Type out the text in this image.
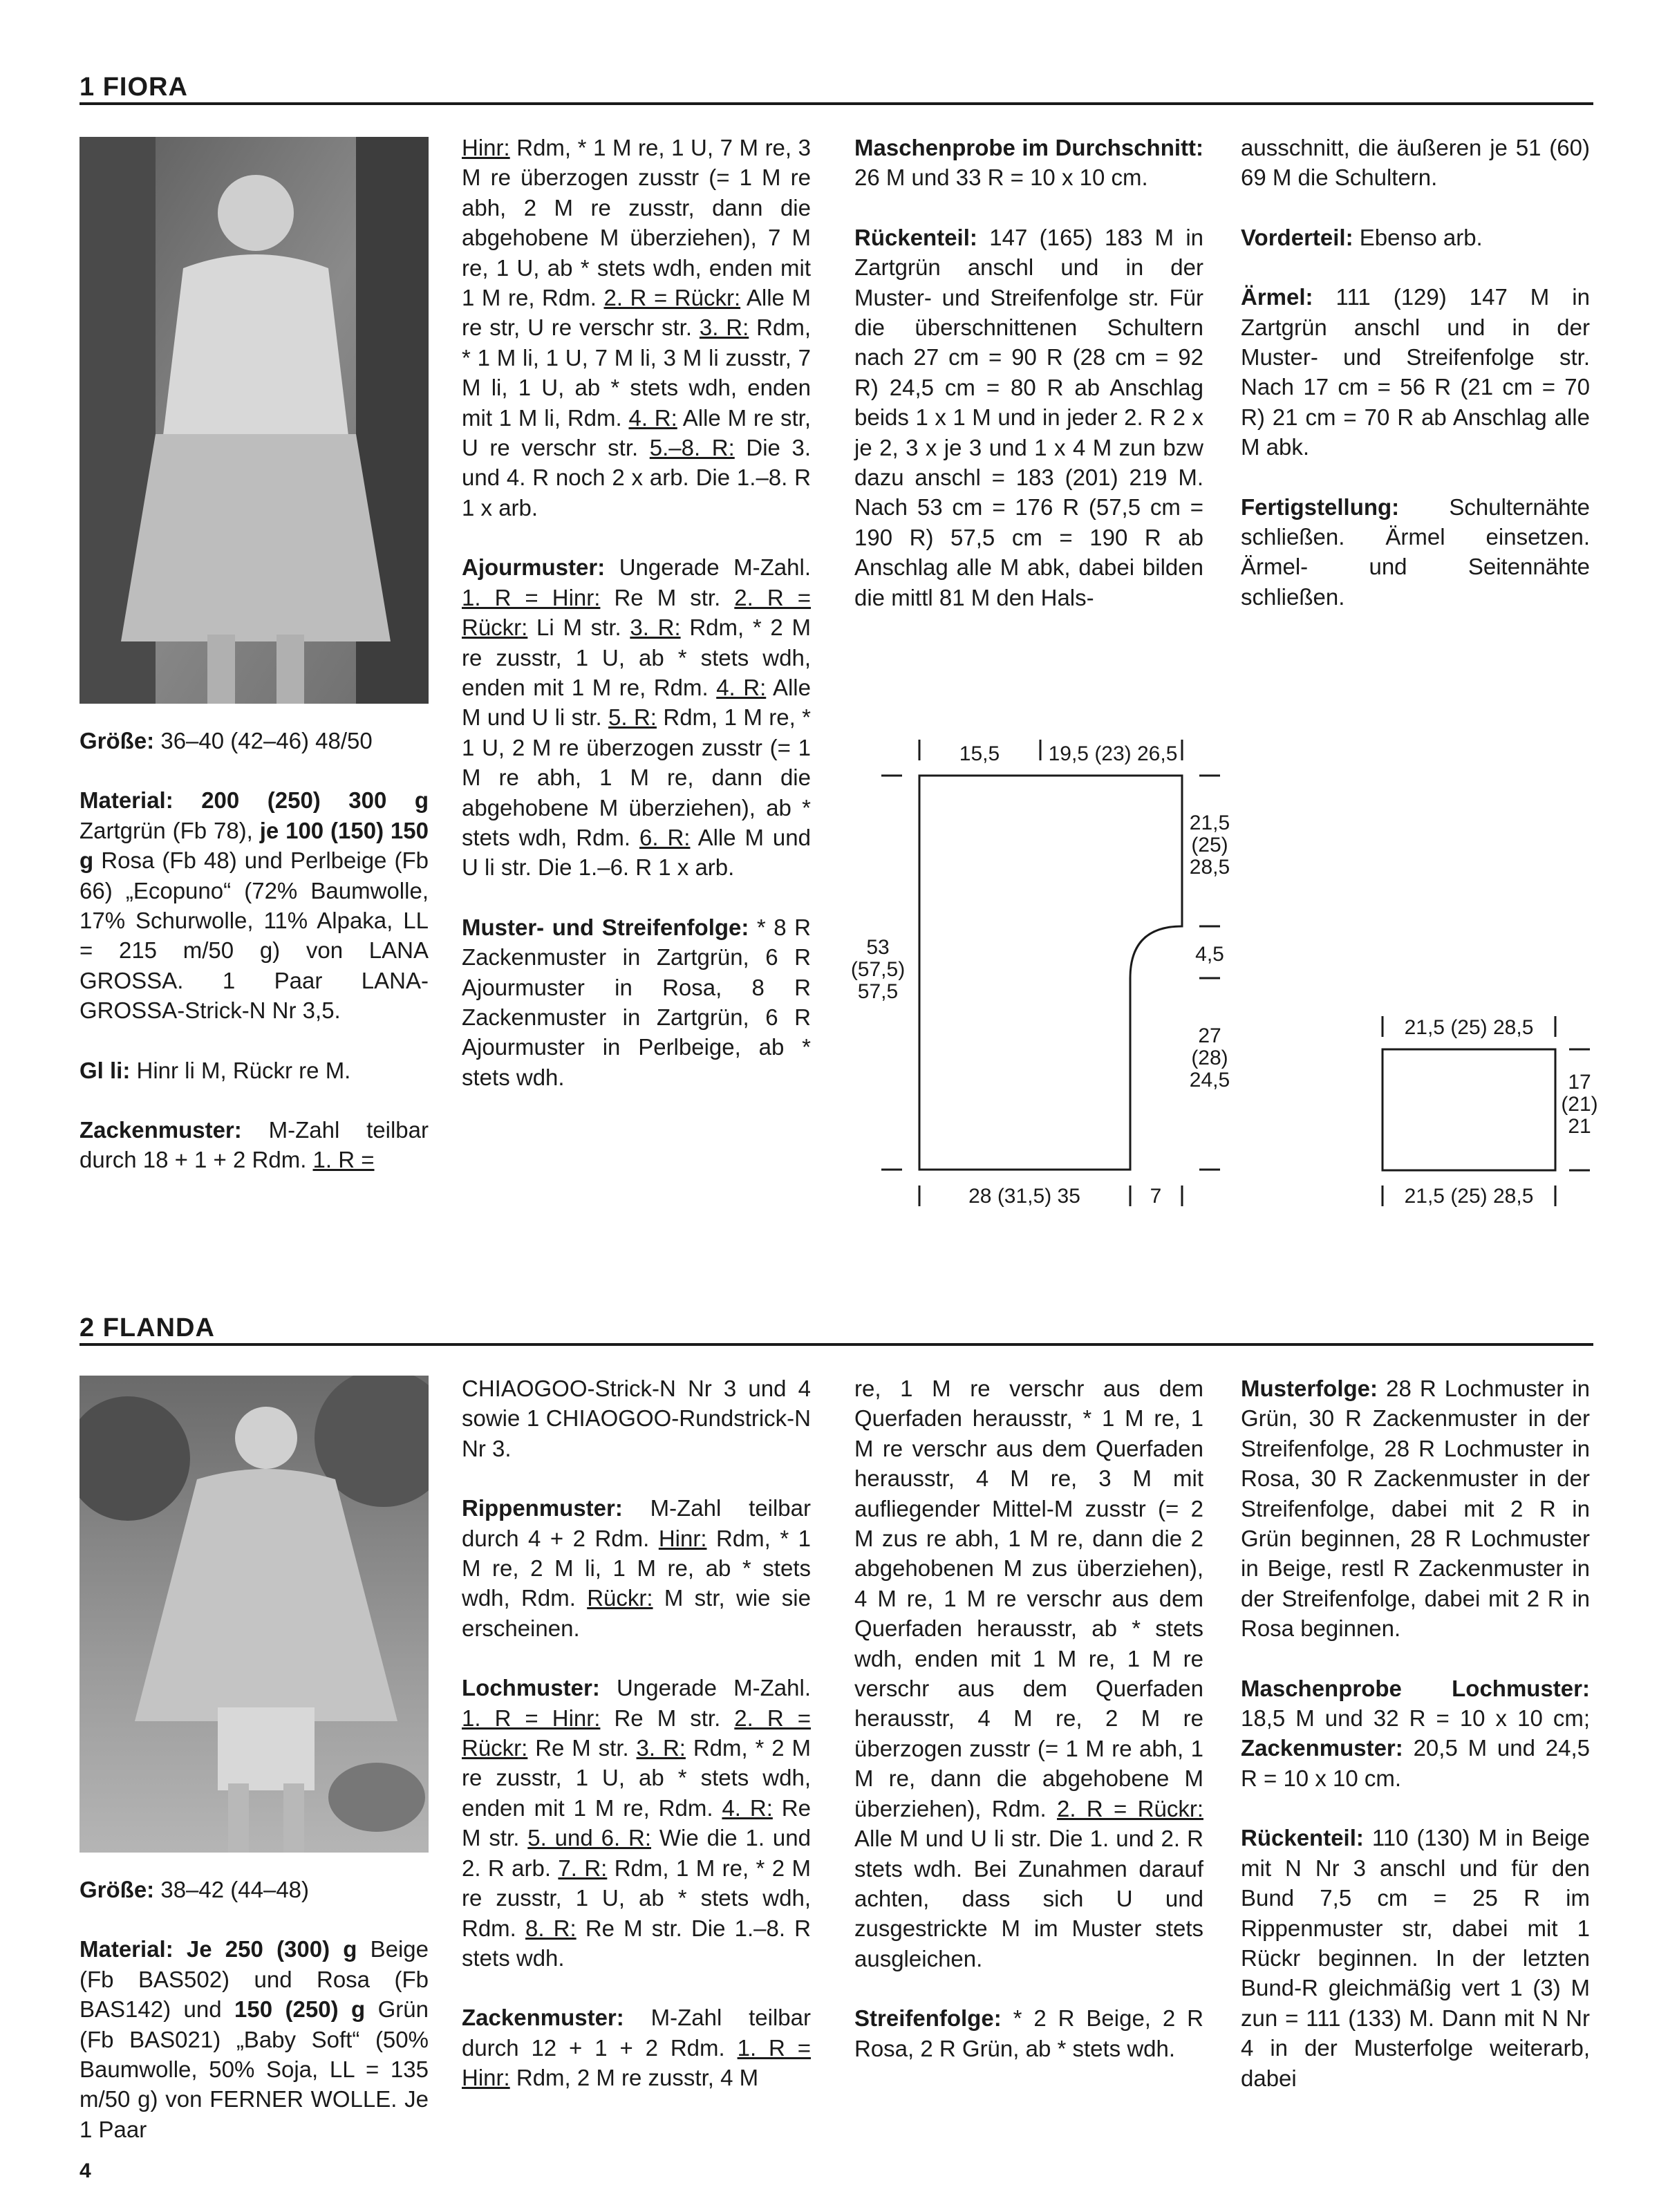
1 FIORA

Größe: 36–40 (42–46) 48/50

Material: 200 (250) 300 g Zartgrün (Fb 78), je 100 (150) 150 g Rosa (Fb 48) und Perlbeige (Fb 66) „Ecopuno“ (72% Baumwolle, 17% Schurwolle, 11% Alpaka, LL = 215 m/50 g) von LANA GROSSA. 1 Paar LANA-GROSSA-Strick-N Nr 3,5.

Gl li: Hinr li M, Rückr re M.

Zackenmuster: M-Zahl teilbar durch 18 + 1 + 2 Rdm. 1. R =

Hinr: Rdm, * 1 M re, 1 U, 7 M re, 3 M re überzogen zusstr (= 1 M re abh, 2 M re zusstr, dann die abgehobene M überziehen), 7 M re, 1 U, ab * stets wdh, enden mit 1 M re, Rdm. 2. R = Rückr: Alle M re str, U re verschr str. 3. R: Rdm, * 1 M li, 1 U, 7 M li, 3 M li zusstr, 7 M li, 1 U, ab * stets wdh, enden mit 1 M li, Rdm. 4. R: Alle M re str, U re verschr str. 5.–8. R: Die 3. und 4. R noch 2 x arb. Die 1.–8. R 1 x arb.

Ajourmuster: Ungerade M-Zahl. 1. R = Hinr: Re M str. 2. R = Rückr: Li M str. 3. R: Rdm, * 2 M re zusstr, 1 U, ab * stets wdh, enden mit 1 M re, Rdm. 4. R: Alle M und U li str. 5. R: Rdm, 1 M re, * 1 U, 2 M re überzogen zusstr (= 1 M re abh, 1 M re, dann die abgehobene M überziehen), ab * stets wdh, Rdm. 6. R: Alle M und U li str. Die 1.–6. R 1 x arb.

Muster- und Streifenfolge: * 8 R Zackenmuster in Zartgrün, 6 R Ajourmuster in Rosa, 8 R Zackenmuster in Zartgrün, 6 R Ajourmuster in Perlbeige, ab * stets wdh.

Maschenprobe im Durchschnitt: 26 M und 33 R = 10 x 10 cm.

Rückenteil: 147 (165) 183 M in Zartgrün anschl und in der Muster- und Streifenfolge str. Für die überschnittenen Schultern nach 27 cm = 90 R (28 cm = 92 R) 24,5 cm = 80 R ab Anschlag beids 1 x 1 M und in jeder 2. R 2 x je 2, 3 x je 3 und 1 x 4 M zun bzw dazu anschl = 183 (201) 219 M. Nach 53 cm = 176 R (57,5 cm = 190 R) 57,5 cm = 190 R ab Anschlag alle M abk, dabei bilden die mittl 81 M den Hals-

ausschnitt, die äußeren je 51 (60) 69 M die Schultern.

Vorderteil: Ebenso arb.

Ärmel: 111 (129) 147 M in Zartgrün anschl und in der Muster- und Streifenfolge str. Nach 17 cm = 56 R (21 cm = 70 R) 21 cm = 70 R ab Anschlag alle M abk.

Fertigstellung: Schulternähte schließen. Ärmel einsetzen. Ärmel- und Seitennähte schließen.

15,5 19,5 (23) 26,5
21,5
(25)
28,5
4,5
27
(28)
24,5
53
(57,5)
57,5
28 (31,5) 35	7
21,5 (25) 28,5
17
(21)
21
21,5 (25) 28,5
2 FLANDA

Größe: 38–42 (44–48)

Material: Je 250 (300) g Beige (Fb BAS502) und Rosa (Fb BAS142) und 150 (250) g Grün (Fb BAS021) „Baby Soft“ (50% Baumwolle, 50% Soja, LL = 135 m/50 g) von FERNER WOLLE. Je 1 Paar

CHIAOGOO-Strick-N Nr 3 und 4 sowie 1 CHIAOGOO-Rundstrick-N Nr 3.

Rippenmuster: M-Zahl teilbar durch 4 + 2 Rdm. Hinr: Rdm, * 1 M re, 2 M li, 1 M re, ab * stets wdh, Rdm. Rückr: M str, wie sie erscheinen.

Lochmuster: Ungerade M-Zahl. 1. R = Hinr: Re M str. 2. R = Rückr: Re M str. 3. R: Rdm, * 2 M re zusstr, 1 U, ab * stets wdh, enden mit 1 M re, Rdm. 4. R: Re M str. 5. und 6. R: Wie die 1. und 2. R arb. 7. R: Rdm, 1 M re, * 2 M re zusstr, 1 U, ab * stets wdh, Rdm. 8. R: Re M str. Die 1.–8. R stets wdh.

Zackenmuster: M-Zahl teilbar durch 12 + 1 + 2 Rdm. 1. R = Hinr: Rdm, 2 M re zusstr, 4 M

re, 1 M re verschr aus dem Querfaden herausstr, * 1 M re, 1 M re verschr aus dem Querfaden herausstr, 4 M re, 3 M mit aufliegender Mittel-M zusstr (= 2 M zus re abh, 1 M re, dann die 2 abgehobenen M zus überziehen), 4 M re, 1 M re verschr aus dem Querfaden herausstr, ab * stets wdh, enden mit 1 M re, 1 M re verschr aus dem Querfaden herausstr, 4 M re, 2 M re überzogen zusstr (= 1 M re abh, 1 M re, dann die abgehobene M überziehen), Rdm. 2. R = Rückr: Alle M und U li str. Die 1. und 2. R stets wdh. Bei Zunahmen darauf achten, dass sich U und zusgestrickte M im Muster stets ausgleichen.

Streifenfolge: * 2 R Beige, 2 R Rosa, 2 R Grün, ab * stets wdh.

Musterfolge: 28 R Lochmuster in Grün, 30 R Zackenmuster in der Streifenfolge, 28 R Lochmuster in Rosa, 30 R Zackenmuster in der Streifenfolge, dabei mit 2 R in Grün beginnen, 28 R Lochmuster in Beige, restl R Zackenmuster in der Streifenfolge, dabei mit 2 R in Rosa beginnen.

Maschenprobe Lochmuster: 18,5 M und 32 R = 10 x 10 cm; Zackenmuster: 20,5 M und 24,5 R = 10 x 10 cm.

Rückenteil: 110 (130) M in Beige mit N Nr 3 anschl und für den Bund 7,5 cm = 25 R im Rippenmuster str, dabei mit 1 Rückr beginnen. In der letzten Bund-R gleichmäßig vert 1 (3) M zun = 111 (133) M. Dann mit N Nr 4 in der Musterfolge weiterarb, dabei

4
